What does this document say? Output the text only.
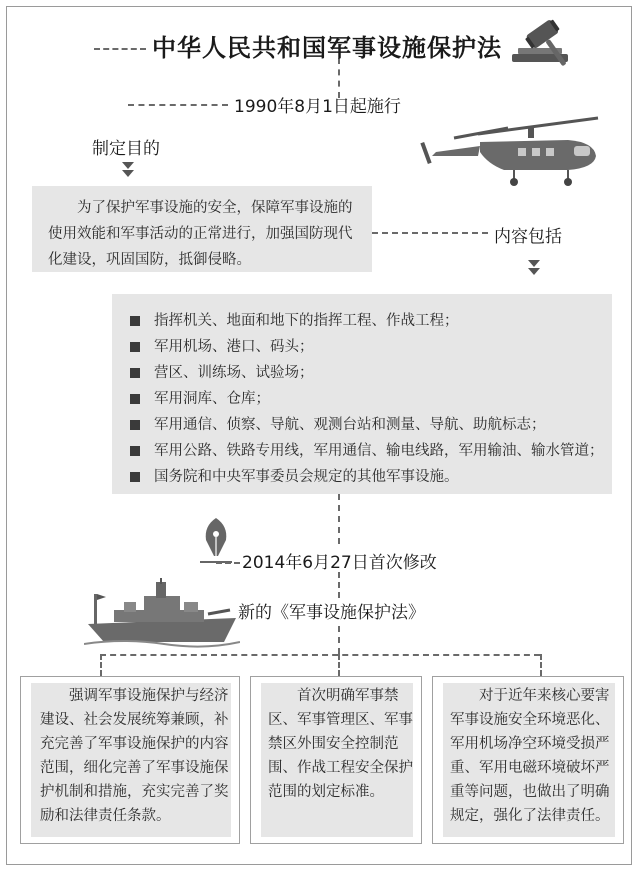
中华人民共和国军事设施保护法
1990年8月1日起施行
制定目的
为了保护军事设施的安全，保障军事设施的使用效能和军事活动的正常进行，加强国防现代化建设，巩固国防，抵御侵略。
内容包括
指挥机关、地面和地下的指挥工程、作战工程；
军用机场、港口、码头；
营区、训练场、试验场；
军用洞库、仓库；
军用通信、侦察、导航、观测台站和测量、导航、助航标志；
军用公路、铁路专用线，军用通信、输电线路，军用输油、输水管道；
国务院和中央军事委员会规定的其他军事设施。
2014年6月27日首次修改
新的《军事设施保护法》
强调军事设施保护与经济建设、社会发展统筹兼顾，补充完善了军事设施保护的内容范围，细化完善了军事设施保护机制和措施，充实完善了奖励和法律责任条款。
首次明确军事禁区、军事管理区、军事禁区外围安全控制范围、作战工程安全保护范围的划定标准。
对于近年来核心要害军事设施安全环境恶化、军用机场净空环境受损严重、军用电磁环境破坏严重等问题，也做出了明确规定，强化了法律责任。
